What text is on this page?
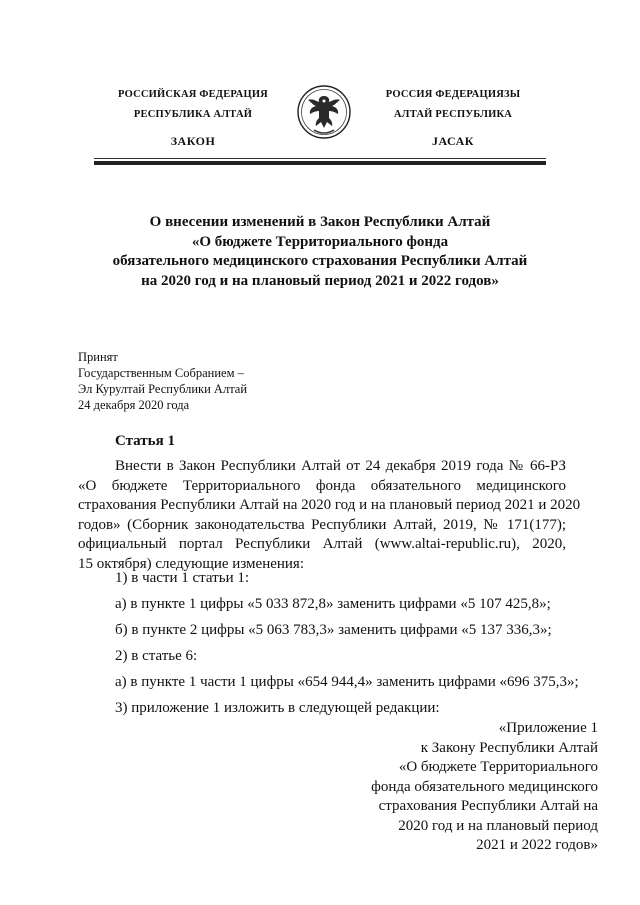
РОССИЙСКАЯ ФЕДЕРАЦИЯ
РЕСПУБЛИКА АЛТАЙ
ЗАКОН
РОССИЯ ФЕДЕРАЦИЯЗЫ
АЛТАЙ РЕСПУБЛИКА
JАСАК
О внесении изменений в Закон Республики Алтай
«О бюджете Территориального фонда
обязательного медицинского страхования Республики Алтай
на 2020 год и на плановый период 2021 и 2022 годов»
Принят
Государственным Собранием –
Эл Курултай Республики Алтай
24 декабря 2020 года
Статья 1
Внести в Закон Республики Алтай от 24 декабря 2019 года № 66-РЗ
«О бюджете Территориального фонда обязательного медицинского
страхования Республики Алтай на 2020 год и на плановый период 2021 и 2020
годов» (Сборник законодательства Республики Алтай, 2019, № 171(177);
официальный портал Республики Алтай (www.altai-republic.ru), 2020,
15 октября) следующие изменения:
1) в части 1 статьи 1:
а) в пункте 1 цифры «5 033 872,8» заменить цифрами «5 107 425,8»;
б) в пункте 2 цифры «5 063 783,3» заменить цифрами «5 137 336,3»;
2) в статье 6:
а) в пункте 1 части 1 цифры «654 944,4» заменить цифрами «696 375,3»;
3) приложение 1 изложить в следующей редакции:
«Приложение 1
к Закону Республики Алтай
«О бюджете Территориального
фонда обязательного медицинского
страхования Республики Алтай на
2020 год и на плановый период
2021 и 2022 годов»
